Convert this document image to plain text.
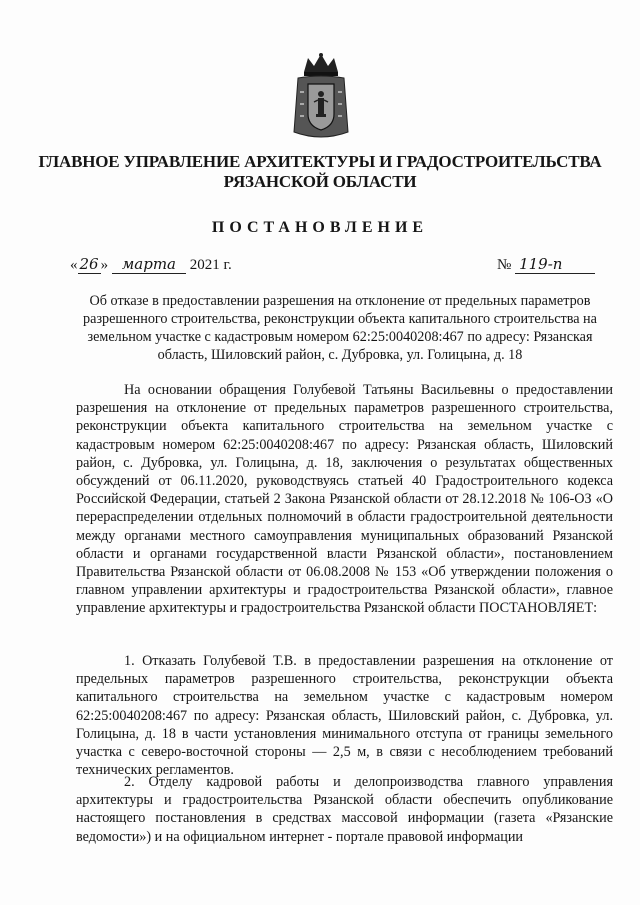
ГЛАВНОЕ УПРАВЛЕНИЕ АРХИТЕКТУРЫ И ГРАДОСТРОИТЕЛЬСТВА
РЯЗАНСКОЙ ОБЛАСТИ
ПОСТАНОВЛЕНИЕ
« 26 » марта 2021 г.	№ 119-п
Об отказе в предоставлении разрешения на отклонение от предельных параметров разрешенного строительства, реконструкции объекта капитального строительства на земельном участке с кадастровым номером 62:25:0040208:467 по адресу: Рязанская область, Шиловский район, с. Дубровка, ул. Голицына, д. 18
На основании обращения Голубевой Татьяны Васильевны о предоставлении разрешения на отклонение от предельных параметров разрешенного строительства, реконструкции объекта капитального строительства на земельном участке с кадастровым номером 62:25:0040208:467 по адресу: Рязанская область, Шиловский район, с. Дубровка, ул. Голицына, д. 18, заключения о результатах общественных обсуждений от 06.11.2020, руководствуясь статьей 40 Градостроительного кодекса Российской Федерации, статьей 2 Закона Рязанской области от 28.12.2018 № 106-ОЗ «О перераспределении отдельных полномочий в области градостроительной деятельности между органами местного самоуправления муниципальных образований Рязанской области и органами государственной власти Рязанской области», постановлением Правительства Рязанской области от 06.08.2008 № 153 «Об утверждении положения о главном управлении архитектуры и градостроительства Рязанской области», главное управление архитектуры и градостроительства Рязанской области ПОСТАНОВЛЯЕТ:
1. Отказать Голубевой Т.В. в предоставлении разрешения на отклонение от предельных параметров разрешенного строительства, реконструкции объекта капитального строительства на земельном участке с кадастровым номером 62:25:0040208:467 по адресу: Рязанская область, Шиловский район, с. Дубровка, ул. Голицына, д. 18 в части установления минимального отступа от границы земельного участка с северо-восточной стороны — 2,5 м, в связи с несоблюдением требований технических регламентов.
2. Отделу кадровой работы и делопроизводства главного управления архитектуры и градостроительства Рязанской области обеспечить опубликование настоящего постановления в средствах массовой информации (газета «Рязанские ведомости») и на официальном интернет - портале правовой информации
